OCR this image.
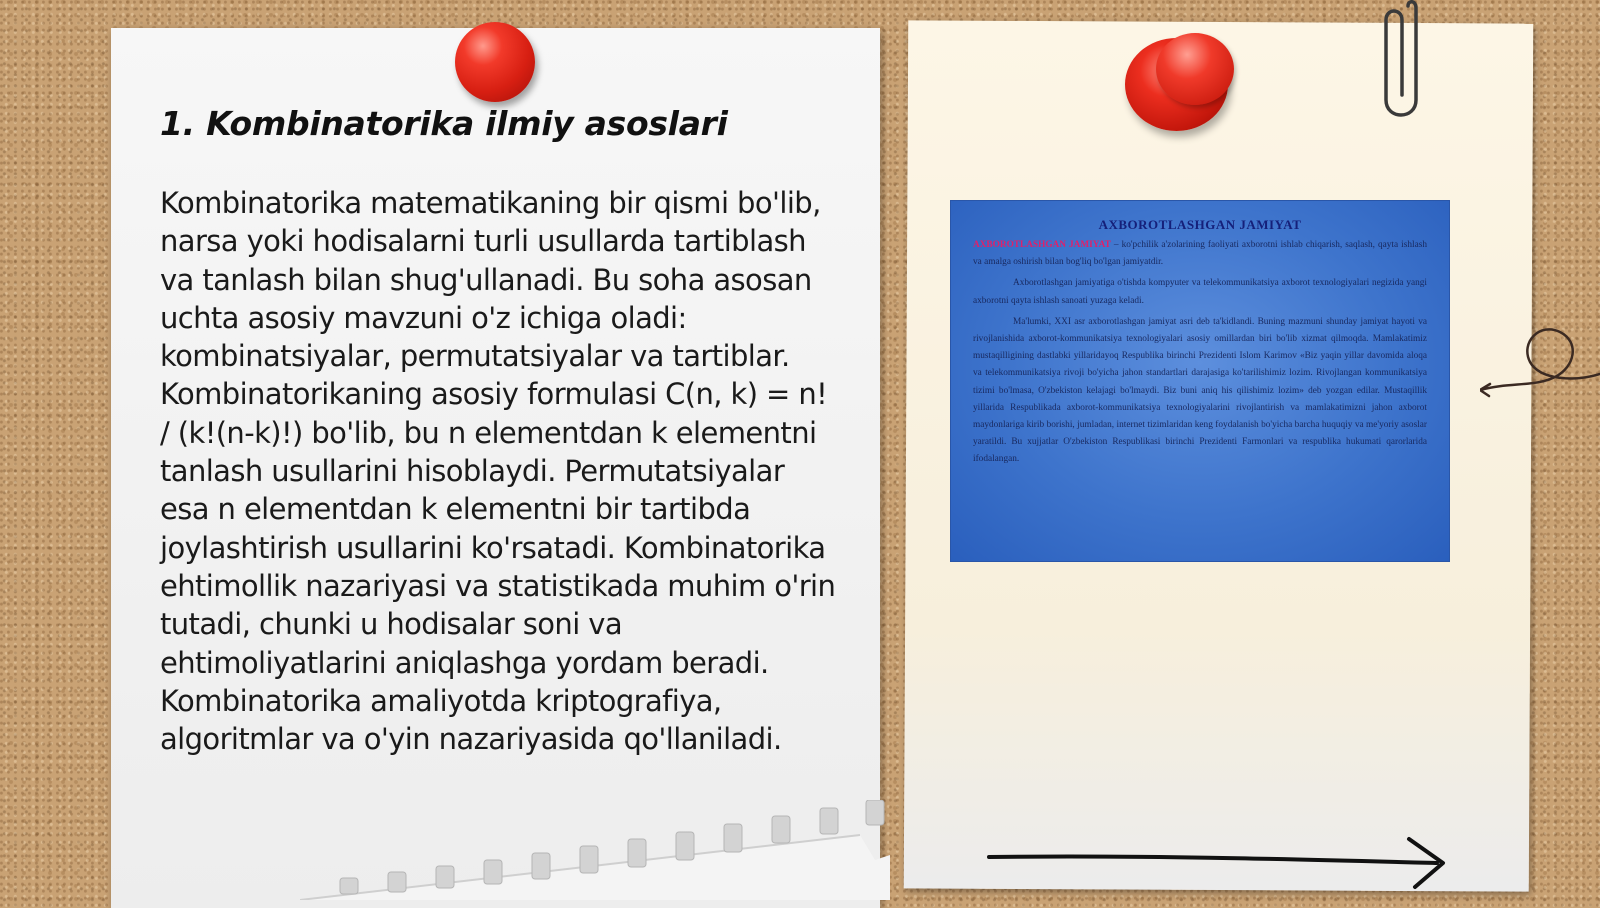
1. Kombinatorika ilmiy asoslari

Kombinatorika matematikaning bir qismi bo'lib, narsa yoki hodisalarni turli usullarda tartiblash va tanlash bilan shug'ullanadi. Bu soha asosan uchta asosiy mavzuni o'z ichiga oladi: kombinatsiyalar, permutatsiyalar va tartiblar. Kombinatorikaning asosiy formulasi C(n, k) = n! / (k!(n-k)!) bo'lib, bu n elementdan k elementni tanlash usullarini hisoblaydi. Permutatsiyalar esa n elementdan k elementni bir tartibda joylashtirish usullarini ko'rsatadi. Kombinatorika ehtimollik nazariyasi va statistikada muhim o'rin tutadi, chunki u hodisalar soni va ehtimoliyatlarini aniqlashga yordam beradi. Kombinatorika amaliyotda kriptografiya, algoritmlar va o'yin nazariyasida qo'llaniladi.

AXBOROTLASHGAN JAMIYAT

AXBOROTLASHGAN JAMIYAT – ko'pchilik a'zolarining faoliyati axborotni ishlab chiqarish, saqlash, qayta ishlash va amalga oshirish bilan bog'liq bo'lgan jamiyatdir.

Axborotlashgan jamiyatiga o'tishda kompyuter va telekommunikatsiya axborot texnologiyalari negizida yangi axborotni qayta ishlash sanoati yuzaga keladi.

Ma'lumki, XXI asr axborotlashgan jamiyat asri deb ta'kidlandi. Buning mazmuni shunday jamiyat hayoti va rivojlanishida axborot-kommunikatsiya texnologiyalari asosiy omillardan biri bo'lib xizmat qilmoqda. Mamlakatimiz mustaqilligining dastlabki yillaridayoq Respublika birinchi Prezidenti Islom Karimov «Biz yaqin yillar davomida aloqa va telekommunikatsiya rivoji bo'yicha jahon standartlari darajasiga ko'tarilishimiz lozim. Rivojlangan kommunikatsiya tizimi bo'lmasa, O'zbekiston kelajagi bo'lmaydi. Biz buni aniq his qilishimiz lozim» deb yozgan edilar. Mustaqillik yillarida Respublikada axborot-kommunikatsiya texnologiyalarini rivojlantirish va mamlakatimizni jahon axborot maydonlariga kirib borishi, jumladan, internet tizimlaridan keng foydalanish bo'yicha barcha huquqiy va me'yoriy asoslar yaratildi. Bu xujjatlar O'zbekiston Respublikasi birinchi Prezidenti Farmonlari va respublika hukumati qarorlarida ifodalangan.
